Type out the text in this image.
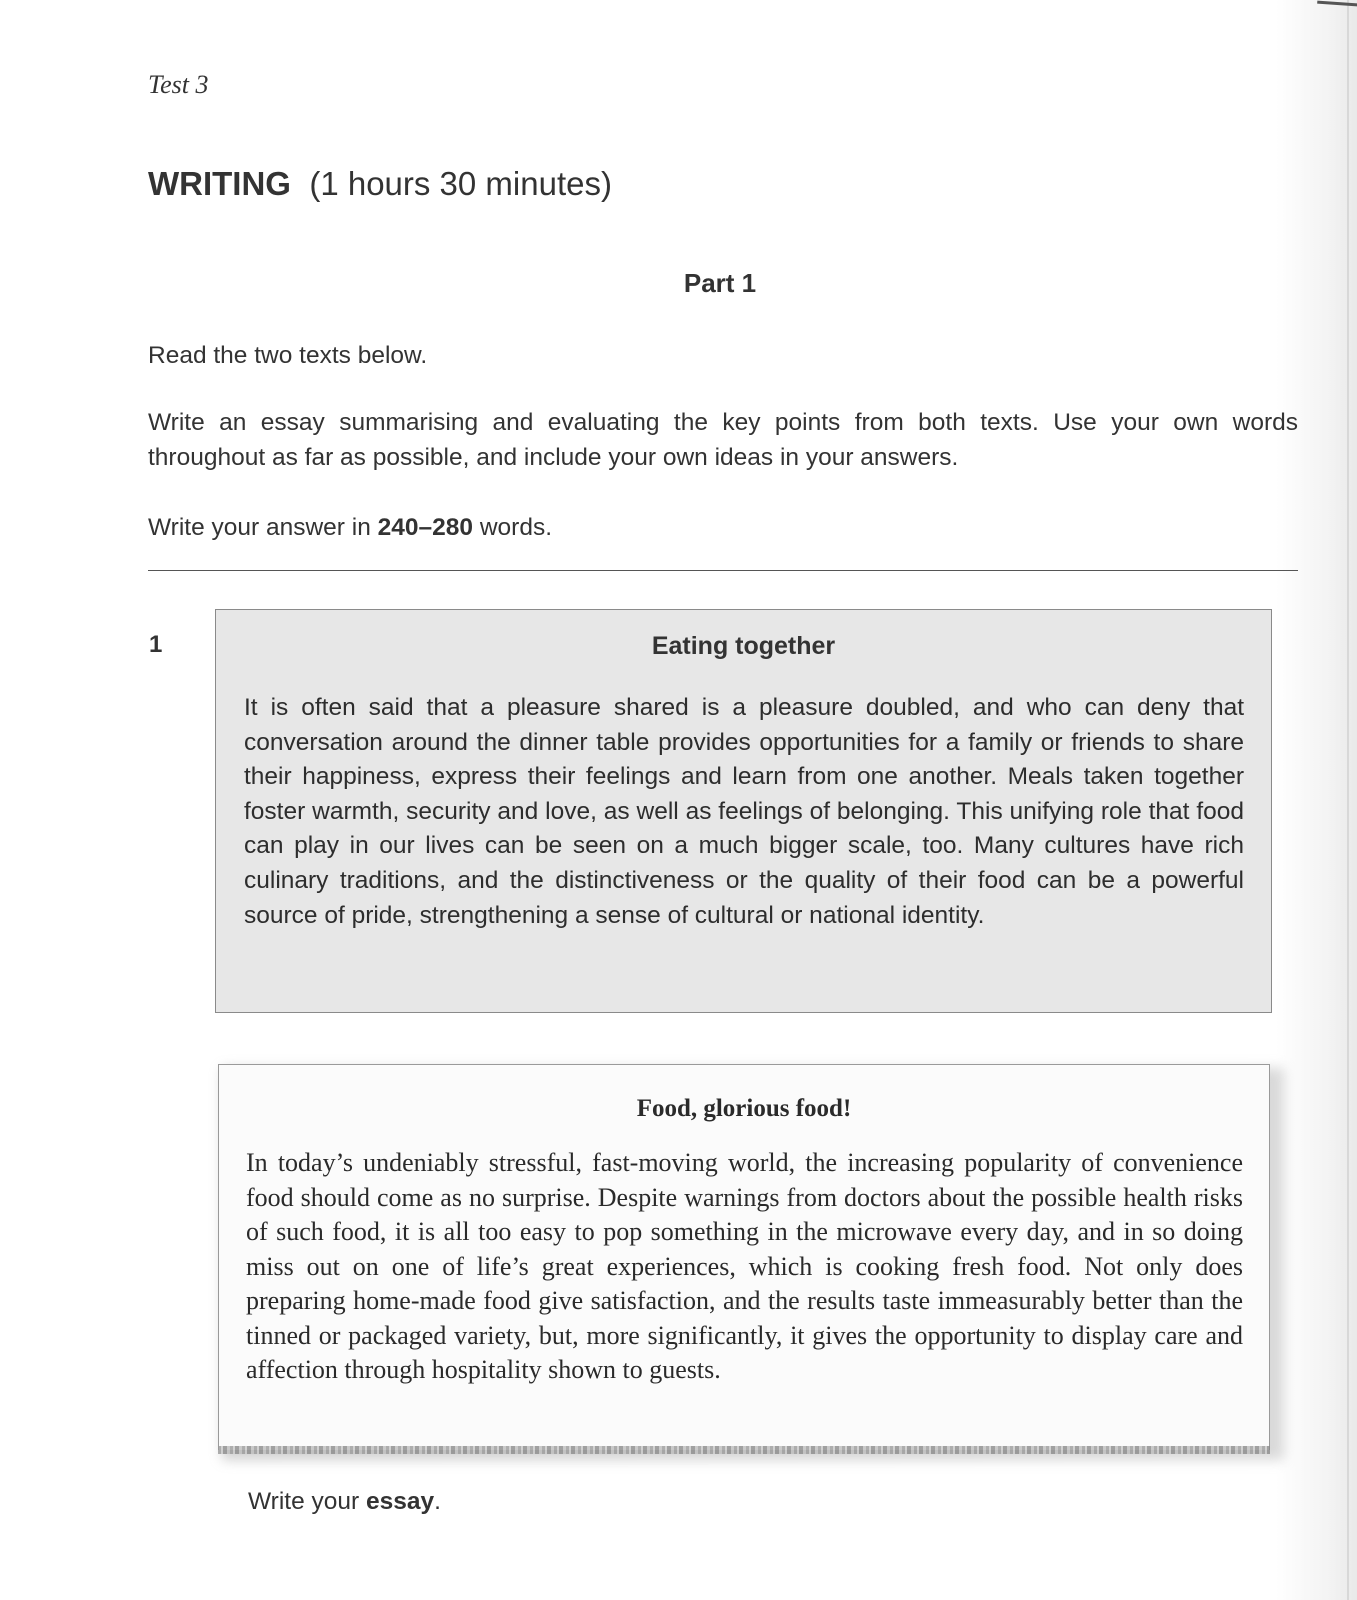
Test 3
WRITING (1 hours 30 minutes)
Part 1
Read the two texts below.
Write an essay summarising and evaluating the key points from both texts. Use your own words throughout as far as possible, and include your own ideas in your answers.
Write your answer in 240–280 words.
1	Eating together
It is often said that a pleasure shared is a pleasure doubled, and who can deny that conversation around the dinner table provides opportunities for a family or friends to share their happiness, express their feelings and learn from one another. Meals taken together foster warmth, security and love, as well as feelings of belonging. This unifying role that food can play in our lives can be seen on a much bigger scale, too. Many cultures have rich culinary traditions, and the distinctiveness or the quality of their food can be a powerful source of pride, strengthening a sense of cultural or national identity.
Food, glorious food!
In today’s undeniably stressful, fast-moving world, the increasing popularity of convenience food should come as no surprise. Despite warnings from doctors about the possible health risks of such food, it is all too easy to pop something in the microwave every day, and in so doing miss out on one of life’s great experiences, which is cooking fresh food. Not only does preparing home-made food give satisfaction, and the results taste immeasurably better than the tinned or packaged variety, but, more significantly, it gives the opportunity to display care and affection through hospitality shown to guests.
Write your essay.
